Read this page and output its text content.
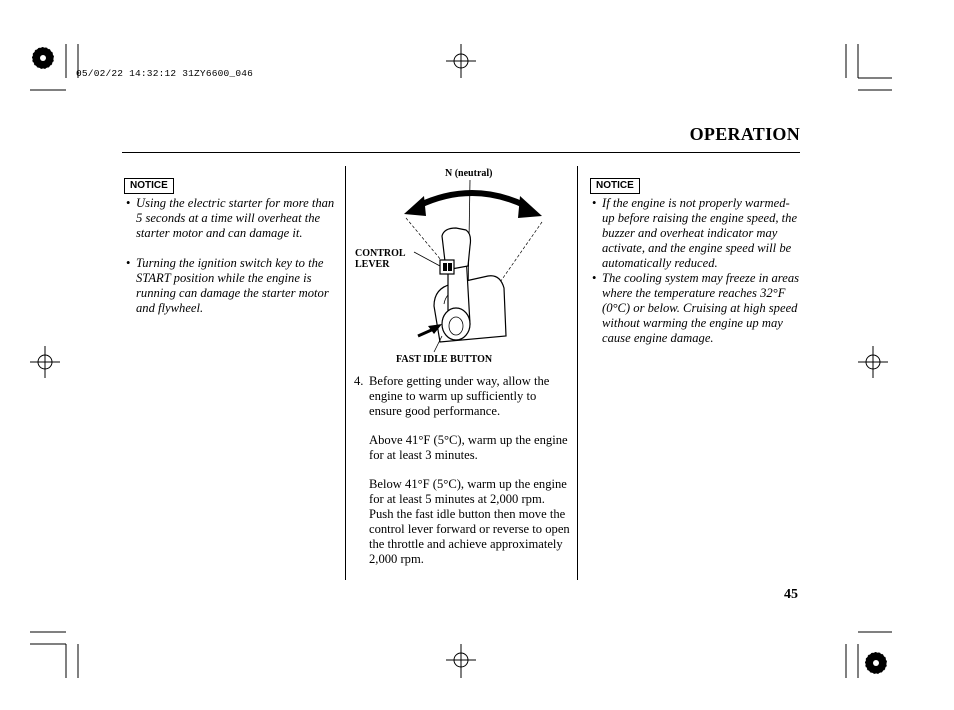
05/02/22 14:32:12 31ZY6600_046
OPERATION
NOTICE
• Using the electric starter for more than 5 seconds at a time will overheat the starter motor and can damage it.
• Turning the ignition switch key to the START position while the engine is running can damage the starter motor and flywheel.
N (neutral)
CONTROL
LEVER
FAST IDLE BUTTON
4. Before getting under way, allow the engine to warm up sufficiently to ensure good performance.

Above 41°F (5°C), warm up the engine for at least 3 minutes.

Below 41°F (5°C), warm up the engine for at least 5 minutes at 2,000 rpm. Push the fast idle button then move the control lever forward or reverse to open the throttle and achieve approximately 2,000 rpm.

NOTICE
• If the engine is not properly warmed-up before raising the engine speed, the buzzer and overheat indicator may activate, and the engine speed will be automatically reduced.
• The cooling system may freeze in areas where the temperature reaches 32°F (0°C) or below. Cruising at high speed without warming the engine up may cause engine damage.
45
